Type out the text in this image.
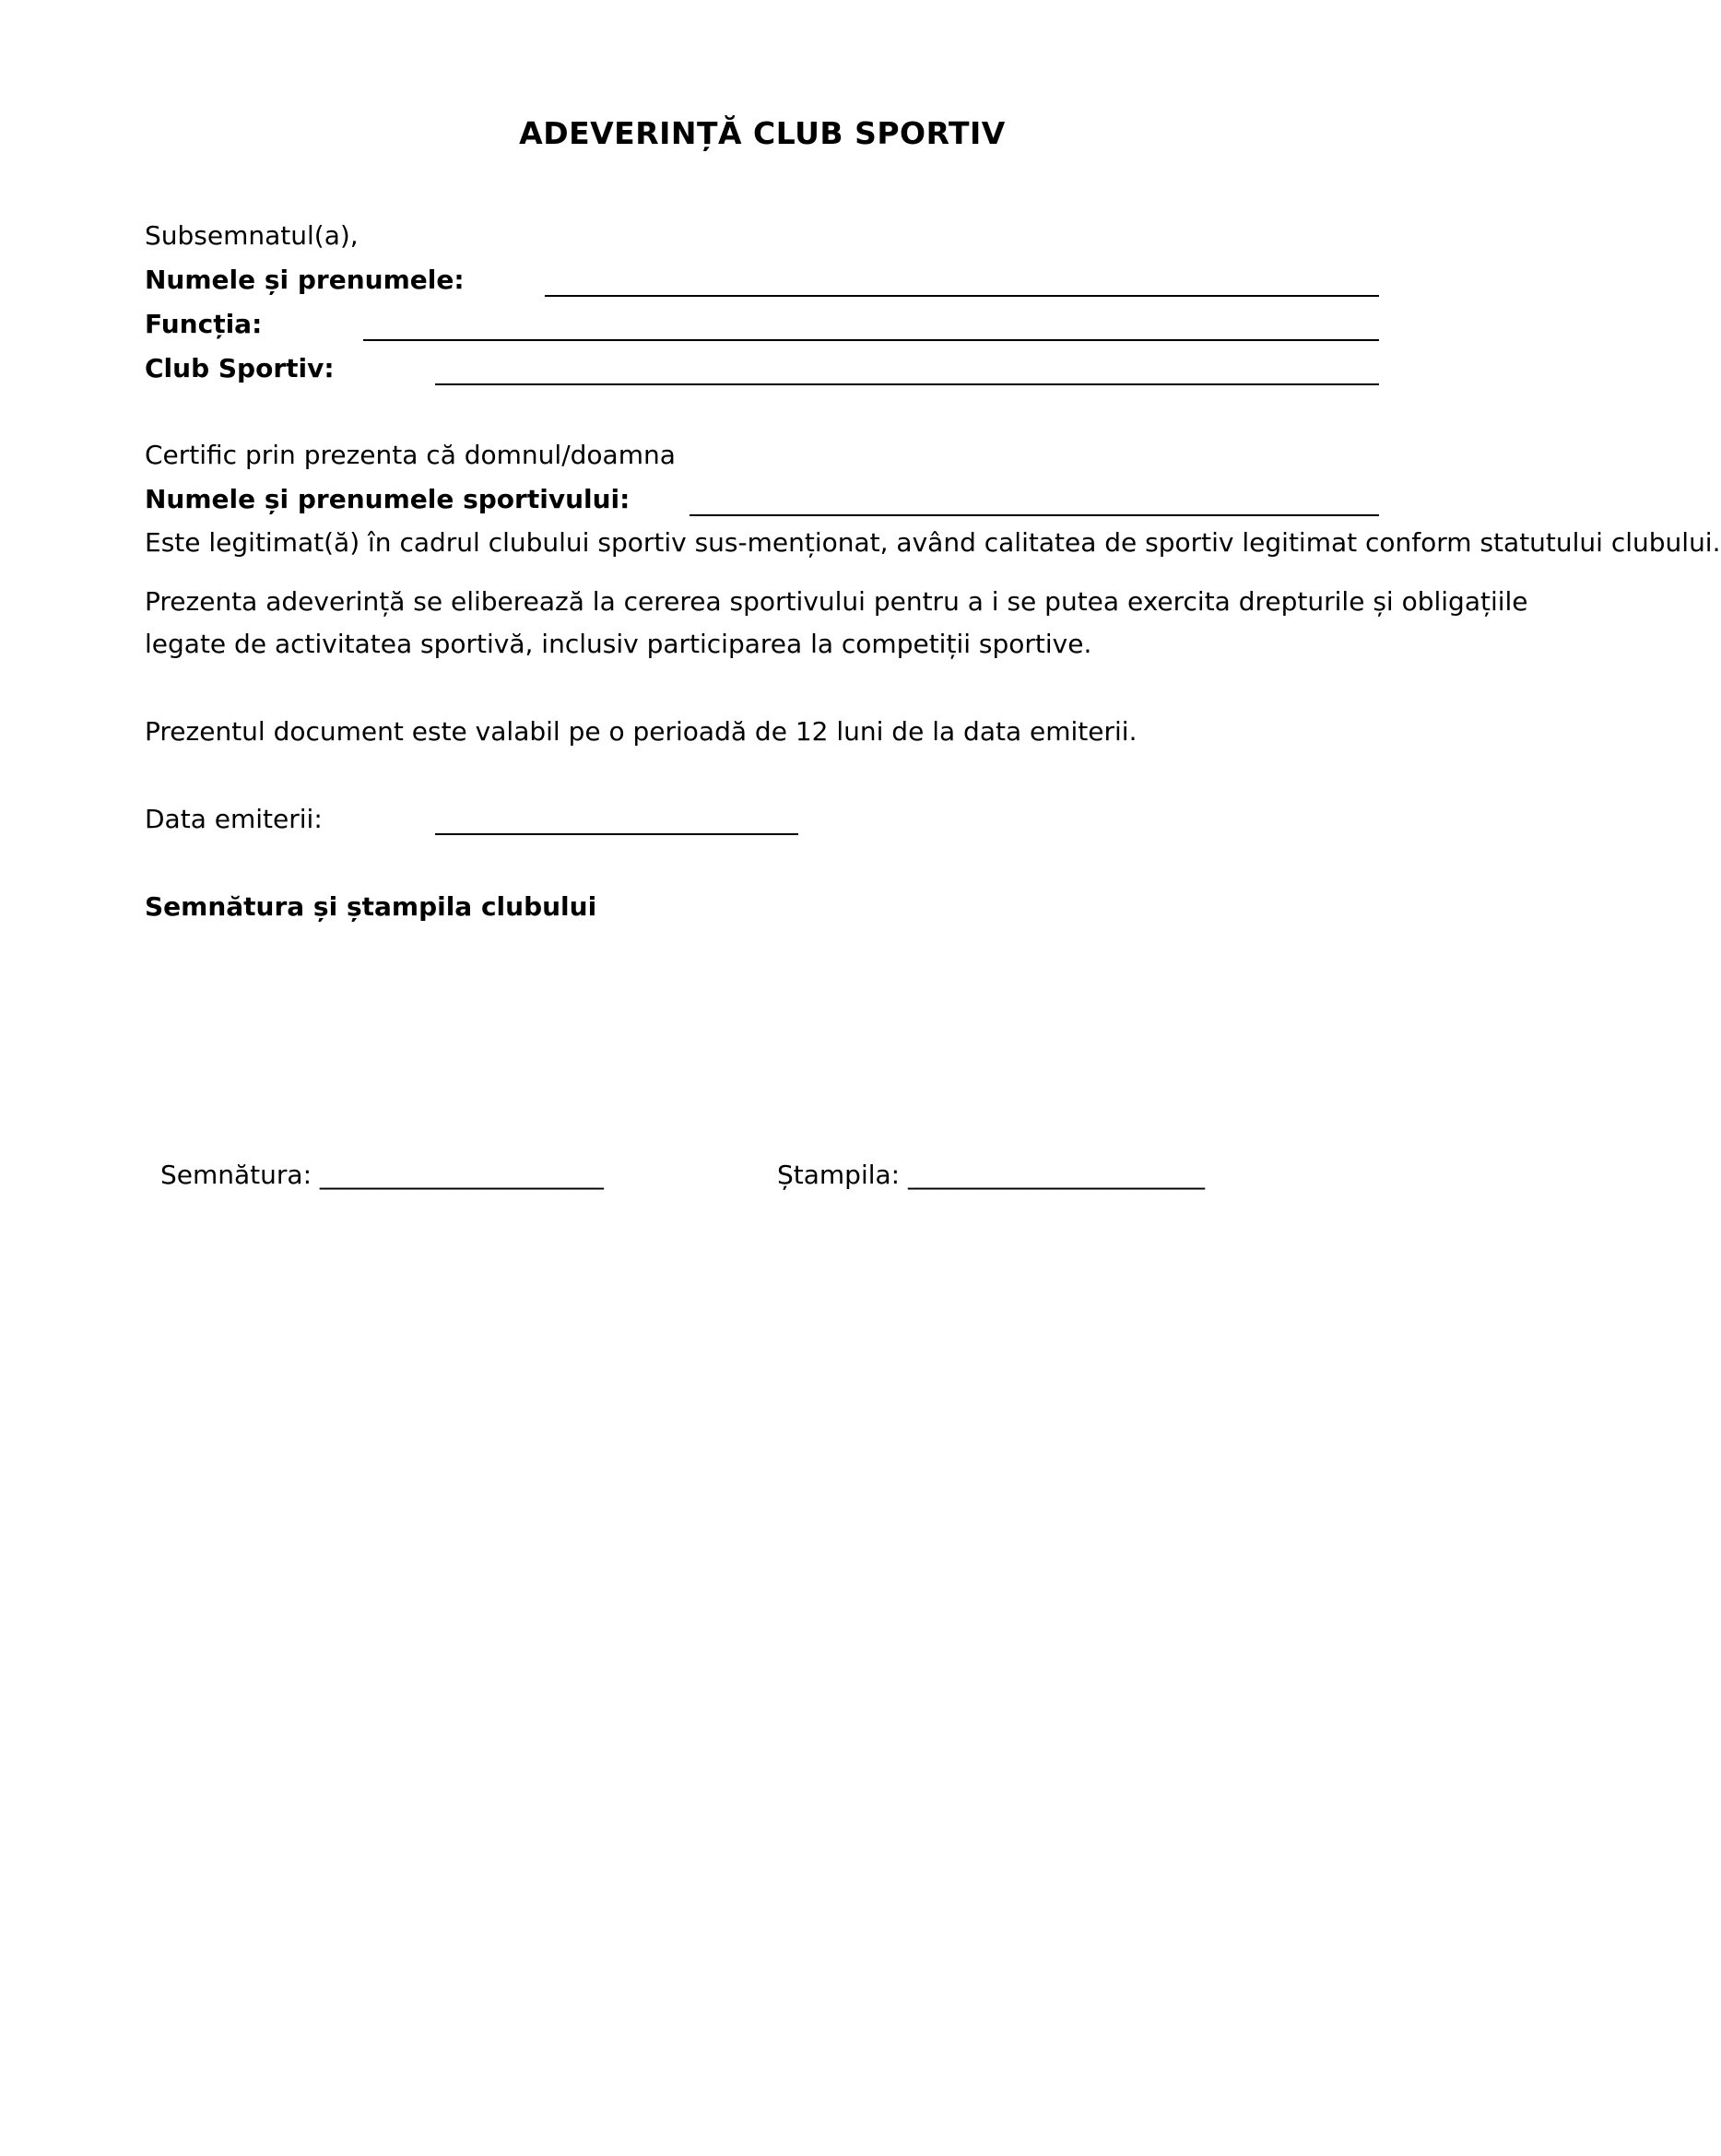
ADEVERINȚĂ CLUB SPORTIV
Subsemnatul(a),
Numele și prenumele:
Funcția:
Club Sportiv:
Certific prin prezenta că domnul/doamna
Numele și prenumele sportivului:
Este legitimat(ă) în cadrul clubului sportiv sus-menționat, având calitatea de sportiv legitimat conform statutului clubului.
Prezenta adeverință se eliberează la cererea sportivului pentru a i se putea exercita drepturile și obligațiile
legate de activitatea sportivă, inclusiv participarea la competiții sportive.
Prezentul document este valabil pe o perioadă de 12 luni de la data emiterii.
Data emiterii:
Semnătura și ștampila clubului
Semnătura: ______________________	Ștampila: _______________________
